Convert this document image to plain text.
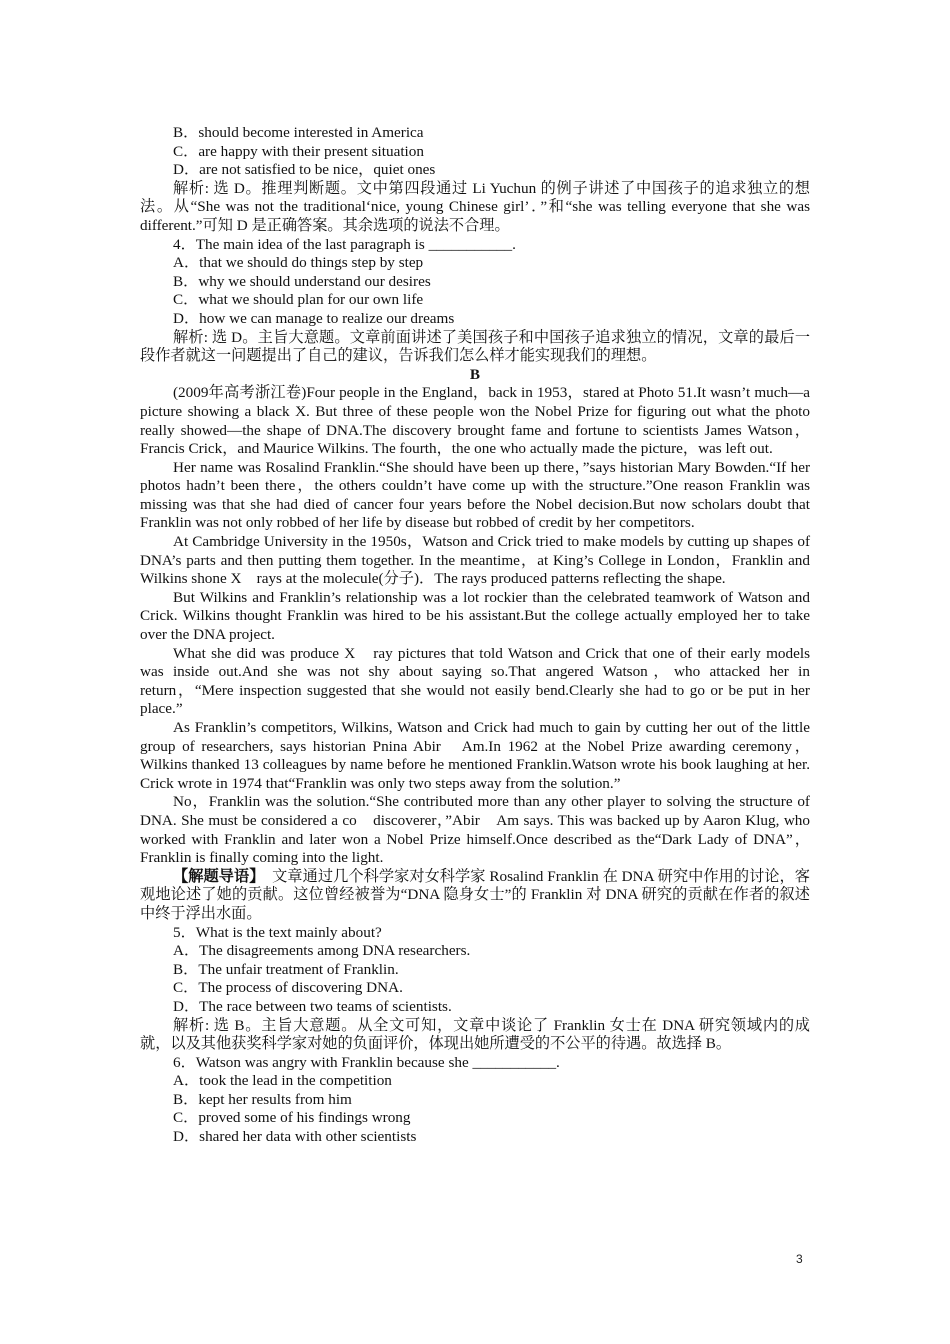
B．should become interested in America

C．are happy with their present situation

D．are not satisfied to be nice，quiet ones

解析: 选 D。推理判断题。文中第四段通过 Li Yuchun 的例子讲述了中国孩子的追求独立的想法。从“She was not the traditional‘nice, young Chinese girl’．”和“she was telling everyone that she was different.”可知 D 是正确答案。其余选项的说法不合理。

4．The main idea of the last paragraph is ___________.

A．that we should do things step by step

B．why we should understand our desires

C．what we should plan for our own life

D．how we can manage to realize our dreams

解析: 选 D。主旨大意题。文章前面讲述了美国孩子和中国孩子追求独立的情况，文章的最后一段作者就这一问题提出了自己的建议，告诉我们怎么样才能实现我们的理想。

B

(2009年高考浙江卷)Four people in the England，back in 1953，stared at Photo 51.It wasn’t much—a picture showing a black X. But three of these people won the Nobel Prize for figuring out what the photo really showed—the shape of DNA.The discovery brought fame and fortune to scientists James Watson，Francis Crick，and Maurice Wilkins. The fourth，the one who actually made the picture，was left out.

Her name was Rosalind Franklin.“She should have been up there，”says historian Mary Bowden.“If her photos hadn’t been there，the others couldn’t have come up with the structure.”One reason Franklin was missing was that she had died of cancer four years before the Nobel decision.But now scholars doubt that Franklin was not only robbed of her life by disease but robbed of credit by her competitors.

At Cambridge University in the 1950s，Watson and Crick tried to make models by cutting up shapes of DNA’s parts and then putting them together. In the meantime，at King’s College in London，Franklin and Wilkins shone X　rays at the molecule(分子)．The rays produced patterns reflecting the shape.

But Wilkins and Franklin’s relationship was a lot rockier than the celebrated teamwork of Watson and Crick. Wilkins thought Franklin was hired to be his assistant.But the college actually employed her to take over the DNA project.

What she did was produce X　ray pictures that told Watson and Crick that one of their early models was inside out.And she was not shy about saying so.That angered Watson，who attacked her in return，“Mere inspection suggested that she would not easily bend.Clearly she had to go or be put in her place.”

As Franklin’s competitors, Wilkins, Watson and Crick had much to gain by cutting her out of the little group of researchers, says historian Pnina Abir　Am.In 1962 at the Nobel Prize awarding ceremony，Wilkins thanked 13 colleagues by name before he mentioned Franklin.Watson wrote his book laughing at her. Crick wrote in 1974 that“Franklin was only two steps away from the solution.”

No，Franklin was the solution.“She contributed more than any other player to solving the structure of DNA. She must be considered a co　discoverer，”Abir　Am says. This was backed up by Aaron Klug, who worked with Franklin and later won a Nobel Prize himself.Once described as the“Dark Lady of DNA”，Franklin is finally coming into the light.

【解题导语】　文章通过几个科学家对女科学家 Rosalind Franklin 在 DNA 研究中作用的讨论，客观地论述了她的贡献。这位曾经被誉为“DNA 隐身女士”的 Franklin 对 DNA 研究的贡献在作者的叙述中终于浮出水面。

5．What is the text mainly about?

A．The disagreements among DNA researchers.

B．The unfair treatment of Franklin.

C．The process of discovering DNA.

D．The race between two teams of scientists.

解析: 选 B。主旨大意题。从全文可知，文章中谈论了 Franklin 女士在 DNA 研究领域内的成就，以及其他获奖科学家对她的负面评价，体现出她所遭受的不公平的待遇。故选择 B。

6．Watson was angry with Franklin because she ___________.

A．took the lead in the competition

B．kept her results from him

C．proved some of his findings wrong

D．shared her data with other scientists

3
